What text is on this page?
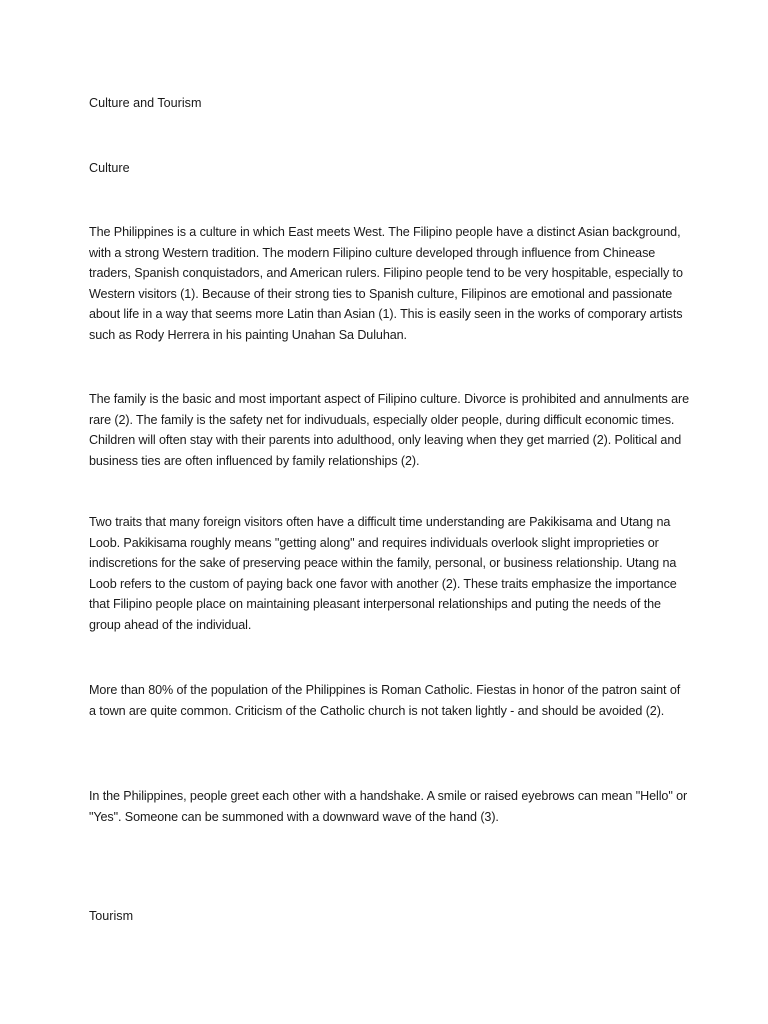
Culture and Tourism

Culture

The Philippines is a culture in which East meets West. The Filipino people have a distinct Asian background, with a strong Western tradition. The modern Filipino culture developed through influence from Chinease traders, Spanish conquistadors, and American rulers. Filipino people tend to be very hospitable, especially to Western visitors (1). Because of their strong ties to Spanish culture, Filipinos are emotional and passionate about life in a way that seems more Latin than Asian (1). This is easily seen in the works of comporary artists such as Rody Herrera in his painting Unahan Sa Duluhan.

The family is the basic and most important aspect of Filipino culture. Divorce is prohibited and annulments are rare (2). The family is the safety net for indivuduals, especially older people, during difficult economic times. Children will often stay with their parents into adulthood, only leaving when they get married (2). Political and business ties are often influenced by family relationships (2).

Two traits that many foreign visitors often have a difficult time understanding are Pakikisama and Utang na Loob. Pakikisama roughly means "getting along" and requires individuals overlook slight improprieties or indiscretions for the sake of preserving peace within the family, personal, or business relationship. Utang na Loob refers to the custom of paying back one favor with another (2). These traits emphasize the importance that Filipino people place on maintaining pleasant interpersonal relationships and puting the needs of the group ahead of the individual.

More than 80% of the population of the Philippines is Roman Catholic. Fiestas in honor of the patron saint of a town are quite common. Criticism of the Catholic church is not taken lightly - and should be avoided (2).

In the Philippines, people greet each other with a handshake. A smile or raised eyebrows can mean "Hello" or "Yes". Someone can be summoned with a downward wave of the hand (3).

Tourism
